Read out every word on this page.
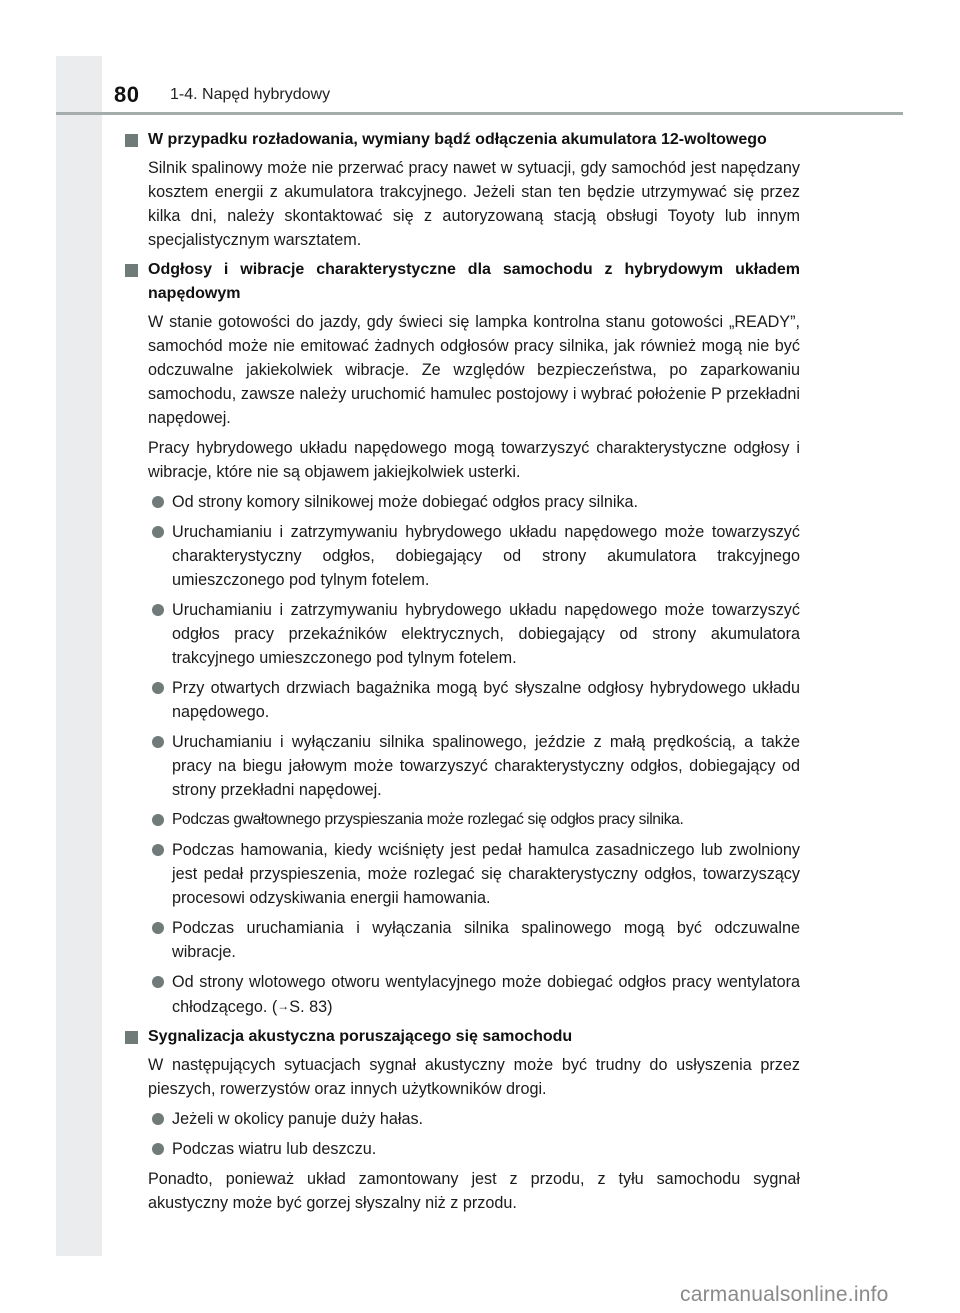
80	1-4. Napęd hybrydowy
W przypadku rozładowania, wymiany bądź odłączenia akumulatora 12-woltowego
Silnik spalinowy może nie przerwać pracy nawet w sytuacji, gdy samochód jest napędzany kosztem energii z akumulatora trakcyjnego. Jeżeli stan ten będzie utrzymywać się przez kilka dni, należy skontaktować się z autoryzowaną stacją obsługi Toyoty lub innym specjalistycznym warsztatem.
Odgłosy i wibracje charakterystyczne dla samochodu z hybrydowym układem napędowym
W stanie gotowości do jazdy, gdy świeci się lampka kontrolna stanu gotowości „READY”, samochód może nie emitować żadnych odgłosów pracy silnika, jak również mogą nie być odczuwalne jakiekolwiek wibracje. Ze względów bezpieczeństwa, po zaparkowaniu samochodu, zawsze należy uruchomić hamulec postojowy i wybrać położenie P przekładni napędowej.
Pracy hybrydowego układu napędowego mogą towarzyszyć charakterystyczne odgłosy i wibracje, które nie są objawem jakiejkolwiek usterki.
Od strony komory silnikowej może dobiegać odgłos pracy silnika.
Uruchamianiu i zatrzymywaniu hybrydowego układu napędowego może towarzyszyć charakterystyczny odgłos, dobiegający od strony akumulatora trakcyjnego umieszczonego pod tylnym fotelem.
Uruchamianiu i zatrzymywaniu hybrydowego układu napędowego może towarzyszyć odgłos pracy przekaźników elektrycznych, dobiegający od strony akumulatora trakcyjnego umieszczonego pod tylnym fotelem.
Przy otwartych drzwiach bagażnika mogą być słyszalne odgłosy hybrydowego układu napędowego.
Uruchamianiu i wyłączaniu silnika spalinowego, jeździe z małą prędkością, a także pracy na biegu jałowym może towarzyszyć charakterystyczny odgłos, dobiegający od strony przekładni napędowej.
Podczas gwałtownego przyspieszania może rozlegać się odgłos pracy silnika.
Podczas hamowania, kiedy wciśnięty jest pedał hamulca zasadniczego lub zwolniony jest pedał przyspieszenia, może rozlegać się charakterystyczny odgłos, towarzyszący procesowi odzyskiwania energii hamowania.
Podczas uruchamiania i wyłączania silnika spalinowego mogą być odczuwalne wibracje.
Od strony wlotowego otworu wentylacyjnego może dobiegać odgłos pracy wentylatora chłodzącego. (→S. 83)
Sygnalizacja akustyczna poruszającego się samochodu
W następujących sytuacjach sygnał akustyczny może być trudny do usłyszenia przez pieszych, rowerzystów oraz innych użytkowników drogi.
Jeżeli w okolicy panuje duży hałas.
Podczas wiatru lub deszczu.
Ponadto, ponieważ układ zamontowany jest z przodu, z tyłu samochodu sygnał akustyczny może być gorzej słyszalny niż z przodu.
carmanualsonline.info
